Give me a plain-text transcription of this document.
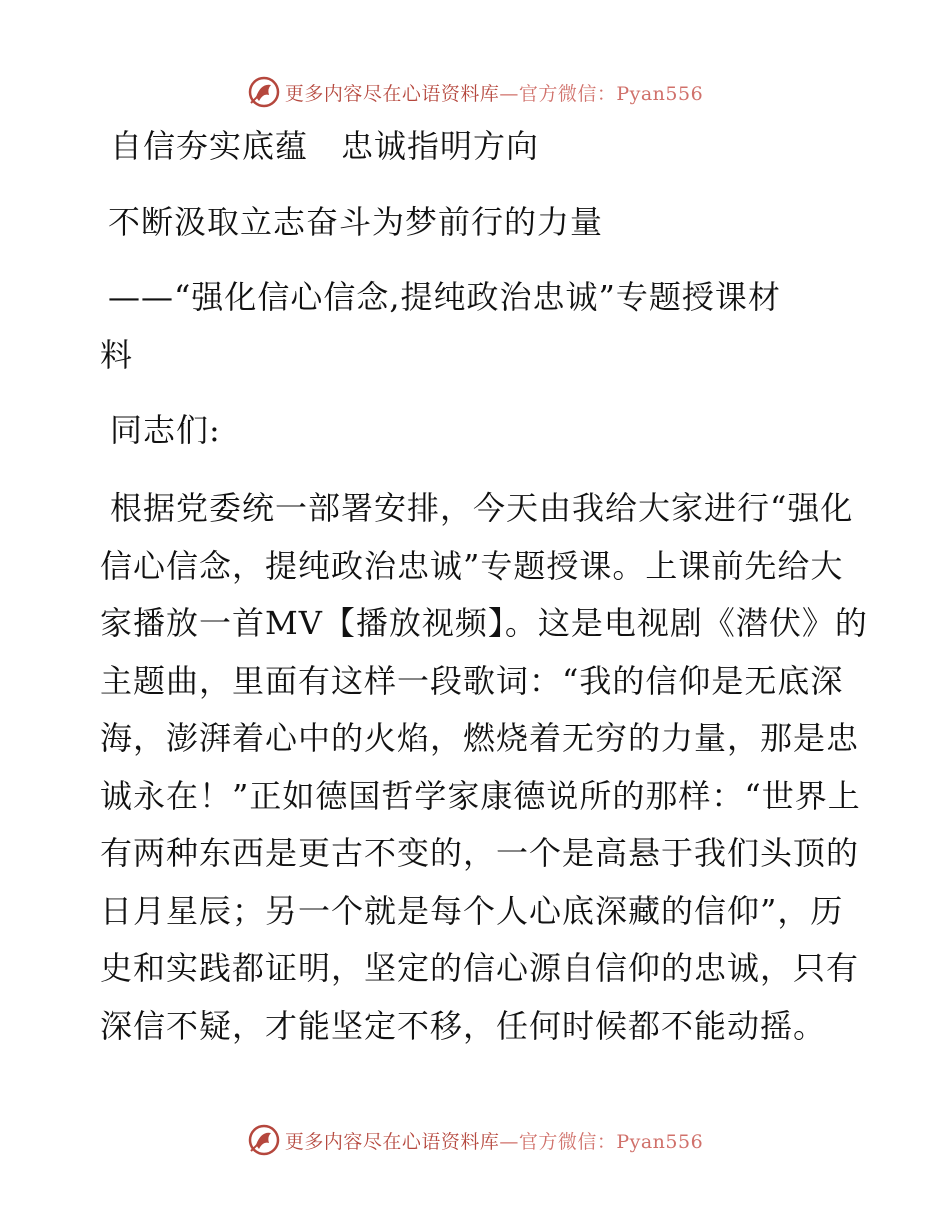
更多内容尽在心语资料库—官方微信：Pyan556
自信夯实底蕴　忠诚指明方向
不断汲取立志奋斗为梦前行的力量
——“强化信心信念,提纯政治忠诚”专题授课材
料
同志们:
根据党委统一部署安排，今天由我给大家进行“强化信心信念，提纯政治忠诚”专题授课。上课前先给大家播放一首MV【播放视频】。这是电视剧《潜伏》的主题曲，里面有这样一段歌词：“我的信仰是无底深海，澎湃着心中的火焰，燃烧着无穷的力量，那是忠诚永在！”正如德国哲学家康德说所的那样：“世界上有两种东西是更古不变的，一个是高悬于我们头顶的日月星辰；另一个就是每个人心底深藏的信仰”，历史和实践都证明，坚定的信心源自信仰的忠诚，只有深信不疑，才能坚定不移，任何时候都不能动摇。
更多内容尽在心语资料库—官方微信：Pyan556
